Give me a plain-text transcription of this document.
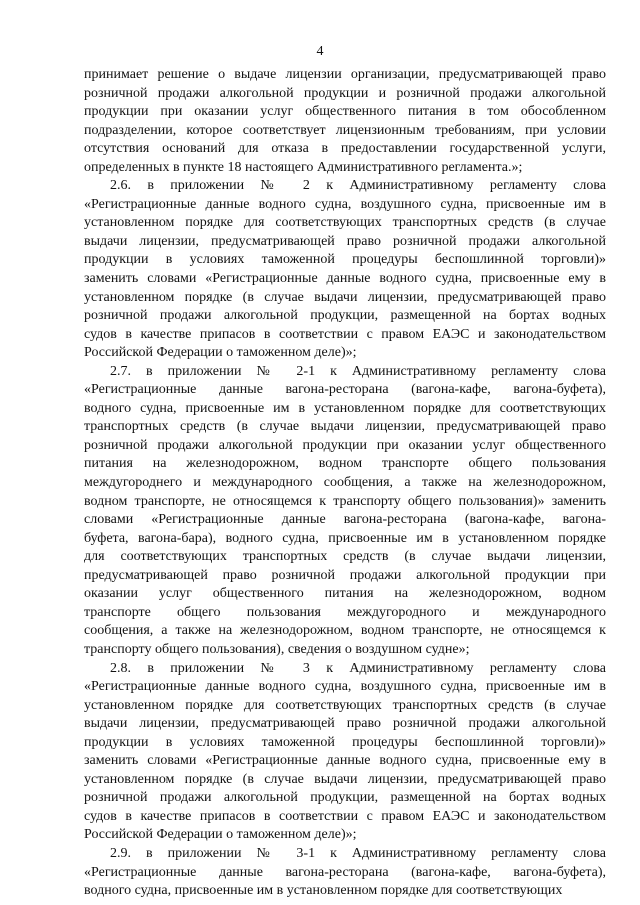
4
принимает решение о выдаче лицензии организации, предусматривающей право
розничной продажи алкогольной продукции и розничной продажи алкогольной
продукции при оказании услуг общественного питания в том обособленном
подразделении, которое соответствует лицензионным требованиям, при условии
отсутствия оснований для отказа в предоставлении государственной услуги,
определенных в пункте 18 настоящего Административного регламента.»;
2.6. в приложении № 2 к Административному регламенту слова
«Регистрационные данные водного судна, воздушного судна, присвоенные им в
установленном порядке для соответствующих транспортных средств (в случае
выдачи лицензии, предусматривающей право розничной продажи алкогольной
продукции в условиях таможенной процедуры беспошлинной торговли)»
заменить словами «Регистрационные данные водного судна, присвоенные ему в
установленном порядке (в случае выдачи лицензии, предусматривающей право
розничной продажи алкогольной продукции, размещенной на бортах водных
судов в качестве припасов в соответствии с правом ЕАЭС и законодательством
Российской Федерации о таможенном деле)»;
2.7. в приложении № 2-1 к Административному регламенту слова
«Регистрационные данные вагона-ресторана (вагона-кафе, вагона-буфета),
водного судна, присвоенные им в установленном порядке для соответствующих
транспортных средств (в случае выдачи лицензии, предусматривающей право
розничной продажи алкогольной продукции при оказании услуг общественного
питания на железнодорожном, водном транспорте общего пользования
междугороднего и международного сообщения, а также на железнодорожном,
водном транспорте, не относящемся к транспорту общего пользования)» заменить
словами «Регистрационные данные вагона-ресторана (вагона-кафе, вагона-
буфета, вагона-бара), водного судна, присвоенные им в установленном порядке
для соответствующих транспортных средств (в случае выдачи лицензии,
предусматривающей право розничной продажи алкогольной продукции при
оказании услуг общественного питания на железнодорожном, водном
транспорте общего пользования междугородного и международного
сообщения, а также на железнодорожном, водном транспорте, не относящемся к
транспорту общего пользования), сведения о воздушном судне»;
2.8. в приложении № 3 к Административному регламенту слова
«Регистрационные данные водного судна, воздушного судна, присвоенные им в
установленном порядке для соответствующих транспортных средств (в случае
выдачи лицензии, предусматривающей право розничной продажи алкогольной
продукции в условиях таможенной процедуры беспошлинной торговли)»
заменить словами «Регистрационные данные водного судна, присвоенные ему в
установленном порядке (в случае выдачи лицензии, предусматривающей право
розничной продажи алкогольной продукции, размещенной на бортах водных
судов в качестве припасов в соответствии с правом ЕАЭС и законодательством
Российской Федерации о таможенном деле)»;
2.9. в приложении № 3-1 к Административному регламенту слова
«Регистрационные данные вагона-ресторана (вагона-кафе, вагона-буфета),
водного судна, присвоенные им в установленном порядке для соответствующих
